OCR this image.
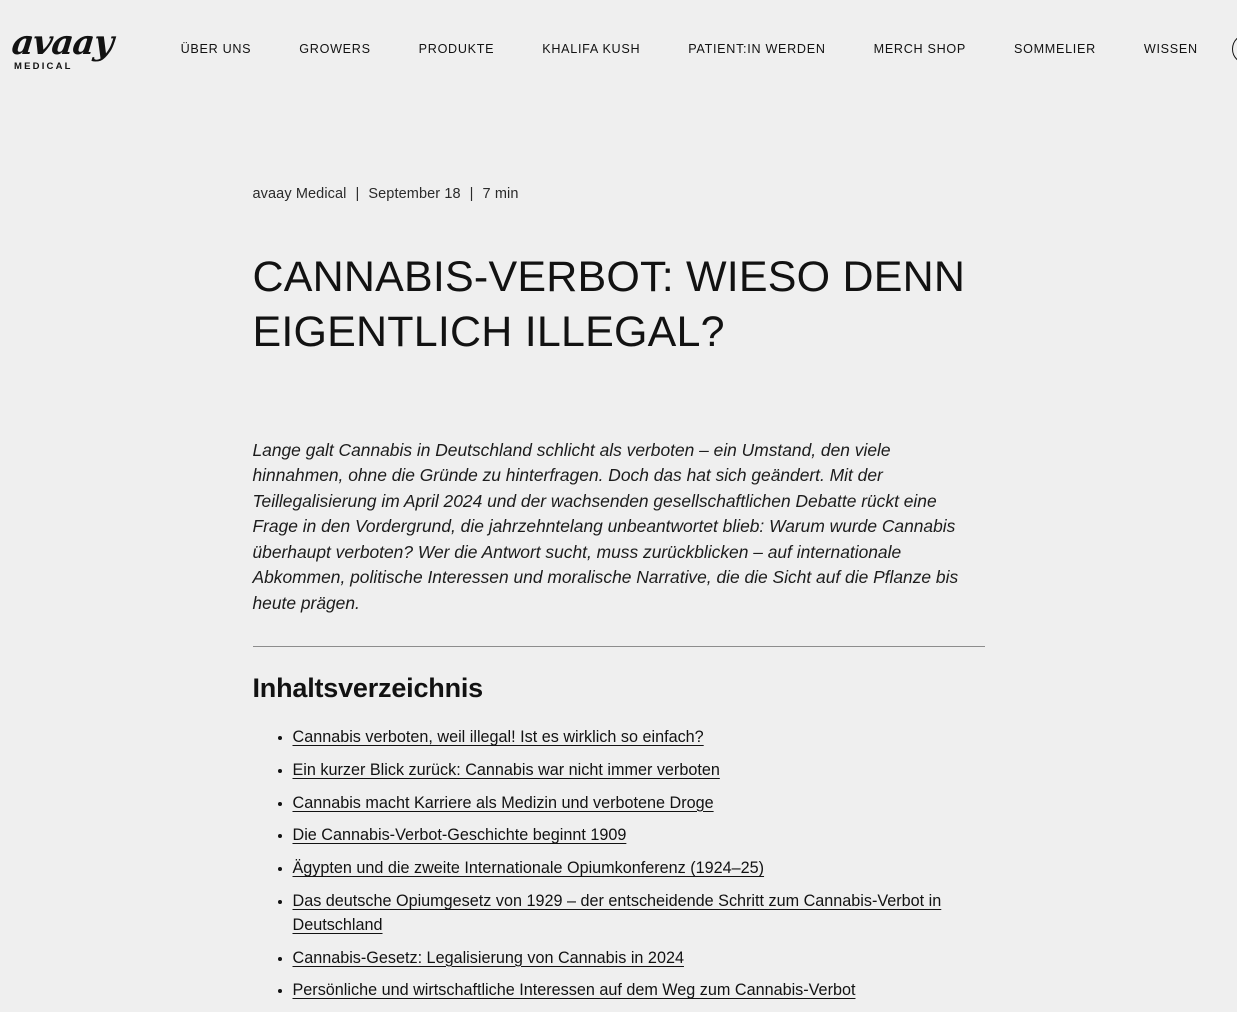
avaay
MEDICAL
ÜBER UNS	GROWERS	PRODUKTE	KHALIFA KUSH	PATIENT:IN WERDEN	MERCH SHOP	SOMMELIER	WISSEN
avaay Medical | September 18 | 7 min
CANNABIS-VERBOT: WIESO DENN EIGENTLICH ILLEGAL?

Lange galt Cannabis in Deutschland schlicht als verboten – ein Umstand, den viele hinnahmen, ohne die Gründe zu hinterfragen. Doch das hat sich geändert. Mit der Teillegalisierung im April 2024 und der wachsenden gesellschaftlichen Debatte rückt eine Frage in den Vordergrund, die jahrzehntelang unbeantwortet blieb: Warum wurde Cannabis überhaupt verboten? Wer die Antwort sucht, muss zurückblicken – auf internationale Abkommen, politische Interessen und moralische Narrative, die die Sicht auf die Pflanze bis heute prägen.

Inhaltsverzeichnis
• Cannabis verboten, weil illegal! Ist es wirklich so einfach?
• Ein kurzer Blick zurück: Cannabis war nicht immer verboten
• Cannabis macht Karriere als Medizin und verbotene Droge
• Die Cannabis-Verbot-Geschichte beginnt 1909
• Ägypten und die zweite Internationale Opiumkonferenz (1924–25)
• Das deutsche Opiumgesetz von 1929 – der entscheidende Schritt zum Cannabis-Verbot in Deutschland
• Cannabis-Gesetz: Legalisierung von Cannabis in 2024
• Persönliche und wirtschaftliche Interessen auf dem Weg zum Cannabis-Verbot
